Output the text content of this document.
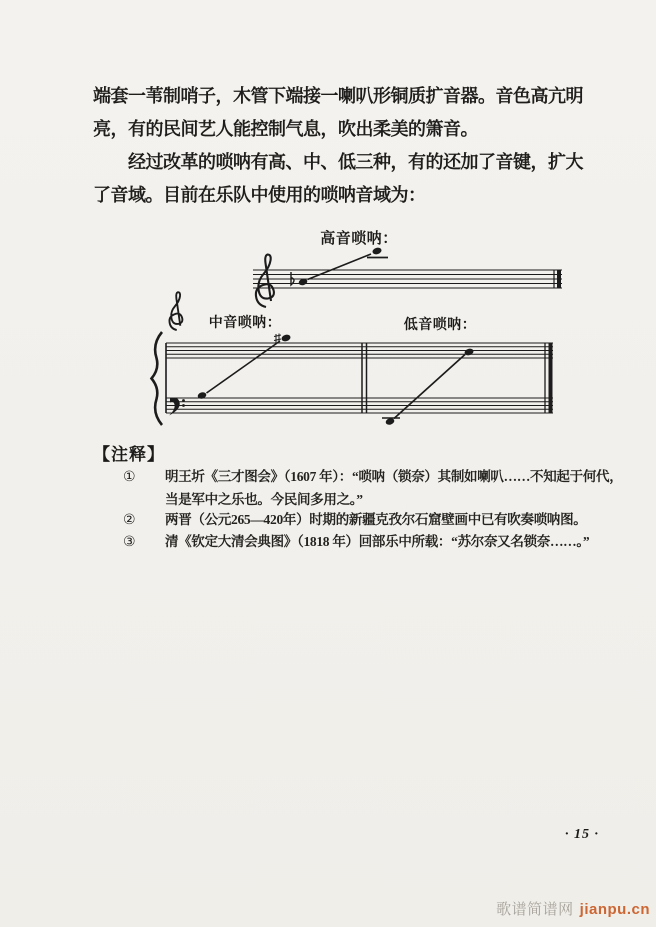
端套一苇制哨子，木管下端接一喇叭形铜质扩音器。音色高亢明
亮，有的民间艺人能控制气息，吹出柔美的箫音。
经过改革的唢呐有高、中、低三种，有的还加了音键，扩大
了音域。目前在乐队中使用的唢呐音域为：
高音唢呐：
中音唢呐：	低音唢呐：
【注释】
①	明王圻《三才图会》（1607 年）：“唢呐（锁奈）其制如喇叭……不知起于何代，
当是军中之乐也。今民间多用之。”
②	两晋（公元265—420年）时期的新疆克孜尔石窟壁画中已有吹奏唢呐图。
③	清《钦定大清会典图》（1818 年）回部乐中所载：“苏尔奈又名锁奈……。”
· 15 ·
歌谱简谱网 jianpu.cn
